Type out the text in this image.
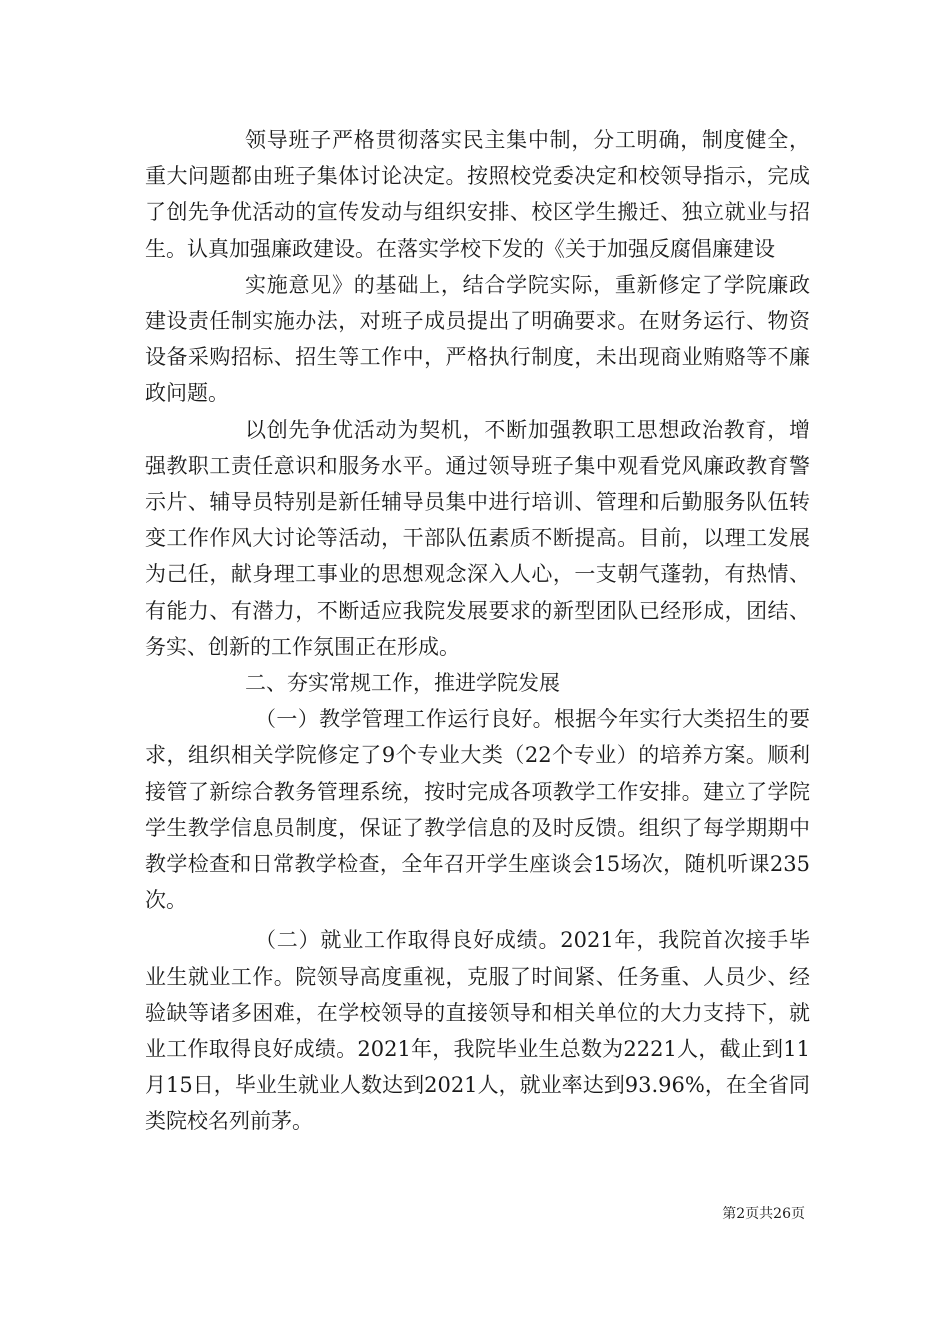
领导班子严格贯彻落实民主集中制，分工明确，制度健全，重大问题都由班子集体讨论决定。按照校党委决定和校领导指示，完成了创先争优活动的宣传发动与组织安排、校区学生搬迁、独立就业与招生。认真加强廉政建设。在落实学校下发的《关于加强反腐倡廉建设

实施意见》的基础上，结合学院实际，重新修定了学院廉政建设责任制实施办法，对班子成员提出了明确要求。在财务运行、物资设备采购招标、招生等工作中，严格执行制度，未出现商业贿赂等不廉政问题。

以创先争优活动为契机，不断加强教职工思想政治教育，增强教职工责任意识和服务水平。通过领导班子集中观看党风廉政教育警示片、辅导员特别是新任辅导员集中进行培训、管理和后勤服务队伍转变工作作风大讨论等活动，干部队伍素质不断提高。目前，以理工发展为己任，献身理工事业的思想观念深入人心，一支朝气蓬勃，有热情、有能力、有潜力，不断适应我院发展要求的新型团队已经形成，团结、务实、创新的工作氛围正在形成。

二、夯实常规工作，推进学院发展

（一）教学管理工作运行良好。根据今年实行大类招生的要求，组织相关学院修定了9个专业大类（22个专业）的培养方案。顺利接管了新综合教务管理系统，按时完成各项教学工作安排。建立了学院学生教学信息员制度，保证了教学信息的及时反馈。组织了每学期期中教学检查和日常教学检查，全年召开学生座谈会15场次，随机听课235次。

（二）就业工作取得良好成绩。2021年，我院首次接手毕业生就业工作。院领导高度重视，克服了时间紧、任务重、人员少、经验缺等诸多困难，在学校领导的直接领导和相关单位的大力支持下，就业工作取得良好成绩。2021年，我院毕业生总数为2221人，截止到11月15日，毕业生就业人数达到2021人，就业率达到93.96%，在全省同类院校名列前茅。

第2页共26页
